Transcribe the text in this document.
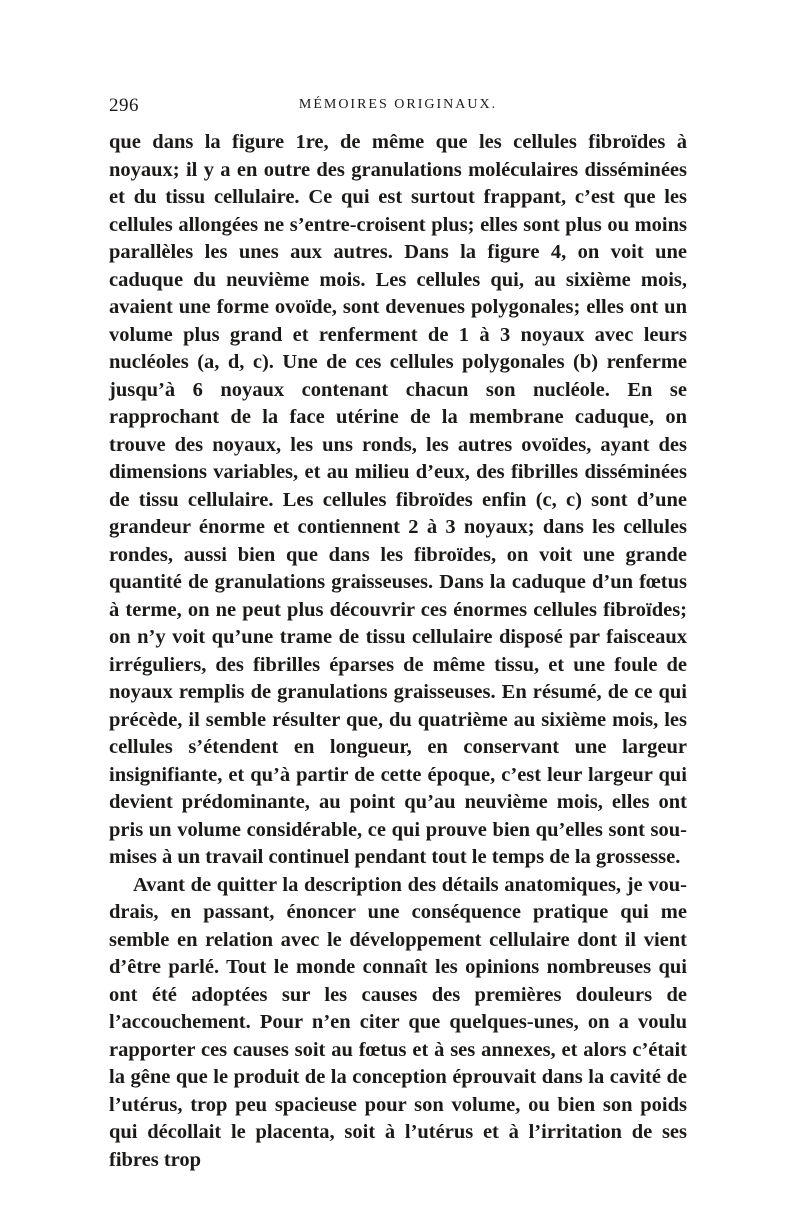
296	MÉMOIRES ORIGINAUX.

que dans la figure 1re, de même que les cellules fibroïdes à noyaux; il y a en outre des granulations moléculaires disséminées et du tissu cellulaire. Ce qui est surtout frappant, c’est que les cellules allongées ne s’entre-croisent plus; elles sont plus ou moins parallèles les unes aux autres. Dans la figure 4, on voit une caduque du neuvième mois. Les cellules qui, au sixième mois, avaient une forme ovoïde, sont devenues polygonales; elles ont un volume plus grand et renferment de 1 à 3 noyaux avec leurs nucléoles (a, d, c). Une de ces cellules polygonales (b) renferme jusqu’à 6 noyaux contenant chacun son nucléole. En se rapprochant de la face utérine de la membrane caduque, on trouve des noyaux, les uns ronds, les autres ovoïdes, ayant des dimensions variables, et au milieu d’eux, des fibrilles disséminées de tissu cellulaire. Les cellules fibroïdes enfin (c, c) sont d’une grandeur énorme et contiennent 2 à 3 noyaux; dans les cellules rondes, aussi bien que dans les fibroïdes, on voit une grande quantité de granulations graisseuses. Dans la caduque d’un fœtus à terme, on ne peut plus découvrir ces énormes cellules fibroïdes; on n’y voit qu’une trame de tissu cellulaire disposé par faisceaux irréguliers, des fibrilles éparses de même tissu, et une foule de noyaux remplis de granulations graisseuses. En résumé, de ce qui précède, il semble résulter que, du quatrième au sixième mois, les cellules s’étendent en longueur, en conservant une largeur insignifiante, et qu’à partir de cette époque, c’est leur largeur qui devient prédominante, au point qu’au neuvième mois, elles ont pris un volume considérable, ce qui prouve bien qu’elles sont soumises à un travail continuel pendant tout le temps de la grossesse.

Avant de quitter la description des détails anatomiques, je voudrais, en passant, énoncer une conséquence pratique qui me semble en relation avec le développement cellulaire dont il vient d’être parlé. Tout le monde connaît les opinions nombreuses qui ont été adoptées sur les causes des premières douleurs de l’accouchement. Pour n’en citer que quelques-unes, on a voulu rapporter ces causes soit au fœtus et à ses annexes, et alors c’était la gêne que le produit de la conception éprouvait dans la cavité de l’utérus, trop peu spacieuse pour son volume, ou bien son poids qui décollait le placenta, soit à l’utérus et à l’irritation de ses fibres trop
